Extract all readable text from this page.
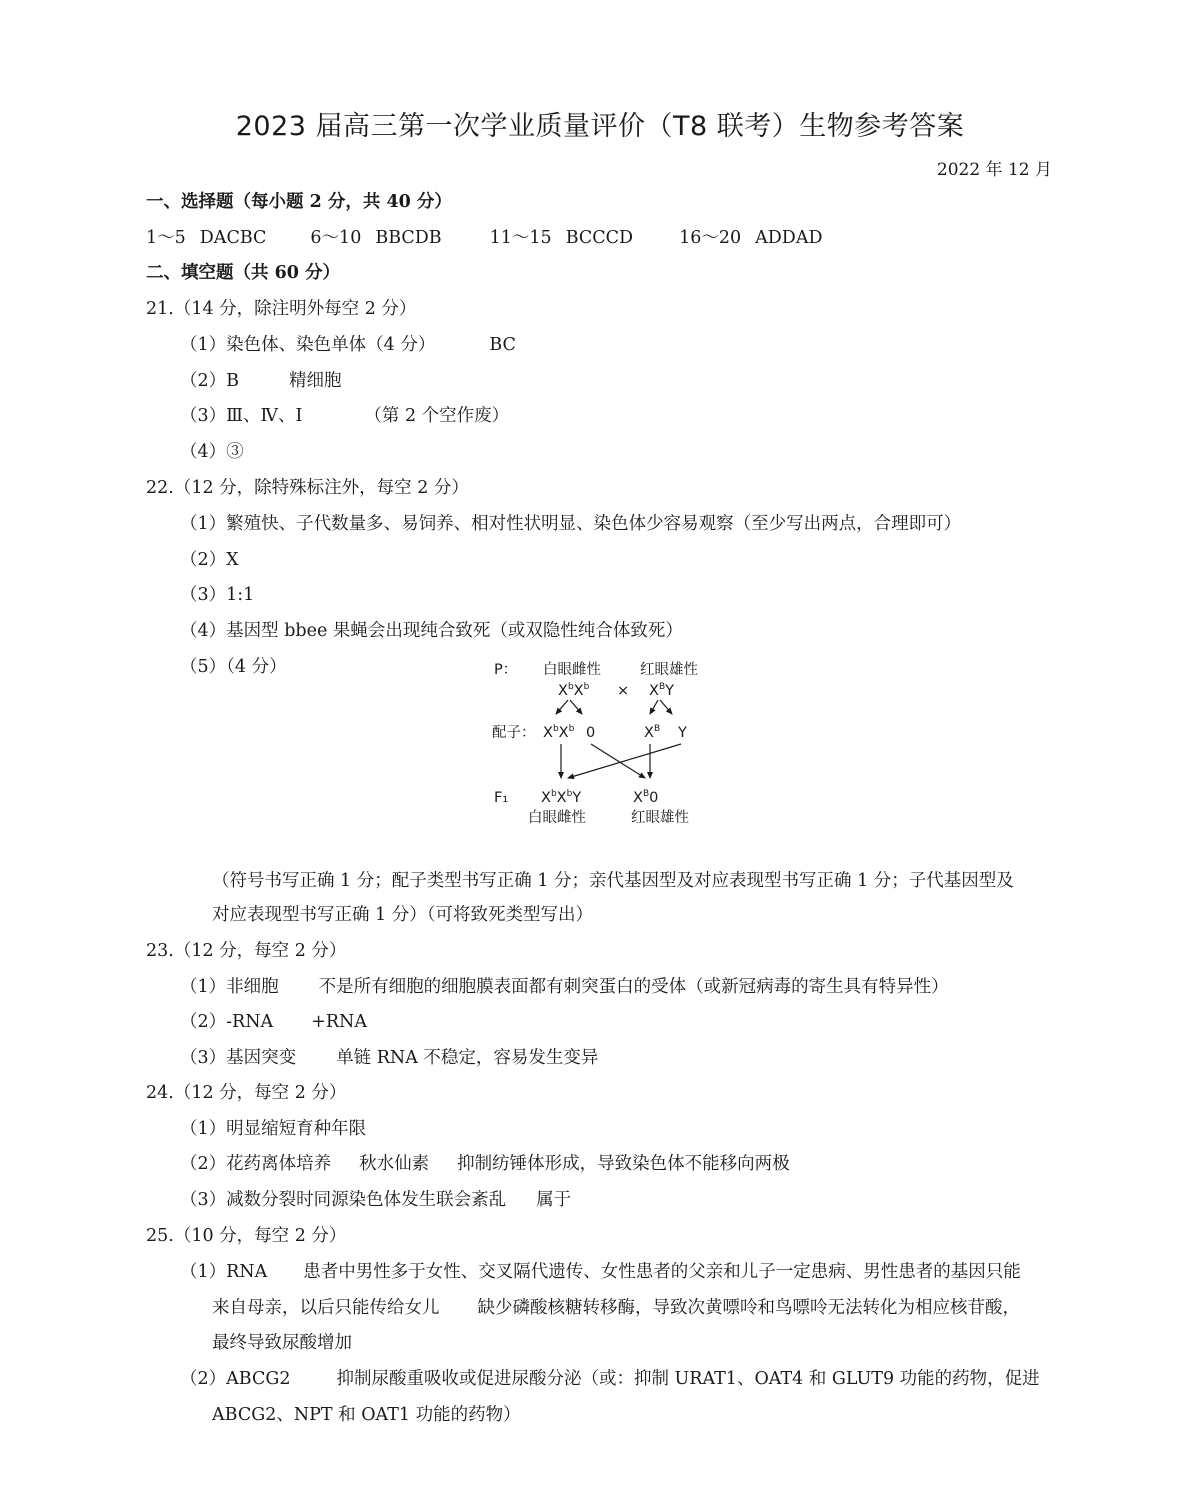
2023 届高三第一次学业质量评价（T8 联考）生物参考答案
2022 年 12 月
一、选择题（每小题 2 分，共 40 分）
1～5 DACBC	6～10 BBCDB	11～15 BCCCD	16～20 ADDAD
二、填空题（共 60 分）
21.（14 分，除注明外每空 2 分）
（1）染色体、染色单体（4 分）	BC
（2）B	精细胞
（3）Ⅲ、Ⅳ、Ⅰ	（第 2 个空作废）
（4）③
22.（12 分，除特殊标注外，每空 2 分）
（1）繁殖快、子代数量多、易饲养、相对性状明显、染色体少容易观察（至少写出两点，合理即可）
（2）X
（3）1:1
（4）基因型 bbee 果蝇会出现纯合致死（或双隐性纯合体致死）
（5）（4 分）	P： 白眼雌性	红眼雄性
$X^bX^b \times X^BY$
配子： $X^bX^b$ 0	$X^B$ Y
F₁ $X^bX^bY$	$X^B0$
白眼雌性	红眼雄性
（符号书写正确 1 分；配子类型书写正确 1 分；亲代基因型及对应表现型书写正确 1 分；子代基因型及
对应表现型书写正确 1 分）（可将致死类型写出）
23.（12 分，每空 2 分）
（1）非细胞 不是所有细胞的细胞膜表面都有刺突蛋白的受体（或新冠病毒的寄生具有特异性）
（2）-RNA +RNA
（3）基因突变 单链 RNA 不稳定，容易发生变异
24.（12 分，每空 2 分）
（1）明显缩短育种年限
（2）花药离体培养 秋水仙素 抑制纺锤体形成，导致染色体不能移向两极
（3）减数分裂时同源染色体发生联会紊乱 属于
25.（10 分，每空 2 分）
（1）RNA 患者中男性多于女性、交叉隔代遗传、女性患者的父亲和儿子一定患病、男性患者的基因只能
来自母亲，以后只能传给女儿 缺少磷酸核糖转移酶，导致次黄嘌呤和鸟嘌呤无法转化为相应核苷酸，
最终导致尿酸增加
（2）ABCG2	抑制尿酸重吸收或促进尿酸分泌（或：抑制 URAT1、OAT4 和 GLUT9 功能的药物，促进
ABCG2、NPT 和 OAT1 功能的药物）
